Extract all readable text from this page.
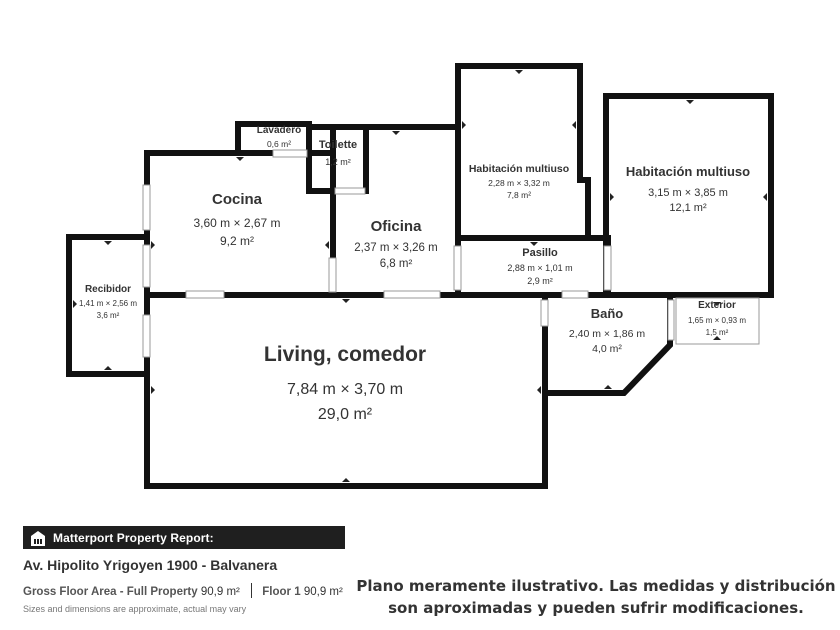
Lavadero
0,6 m²	Toilette
1,2 m²
Cocina
3,60 m × 2,67 m
9,2 m²
Oficina
2,37 m × 3,26 m
6,8 m²
Habitación multiuso
2,28 m × 3,32 m
7,8 m²
Habitación multiuso
3,15 m × 3,85 m
12,1 m²
Pasillo
2,88 m × 1,01 m
2,9 m²
Recibidor
1,41 m × 2,56 m
3,6 m²
Living, comedor
7,84 m × 3,70 m
29,0 m²
Baño
2,40 m × 1,86 m
4,0 m²
Exterior
1,65 m × 0,93 m
1,5 m²
Matterport Property Report:
Av. Hipolito Yrigoyen 1900 - Balvanera
Gross Floor Area - Full Property 90,9 m² Floor 1 90,9 m²
Sizes and dimensions are approximate, actual may vary
Plano meramente ilustrativo. Las medidas y distribución
son aproximadas y pueden sufrir modificaciones.
